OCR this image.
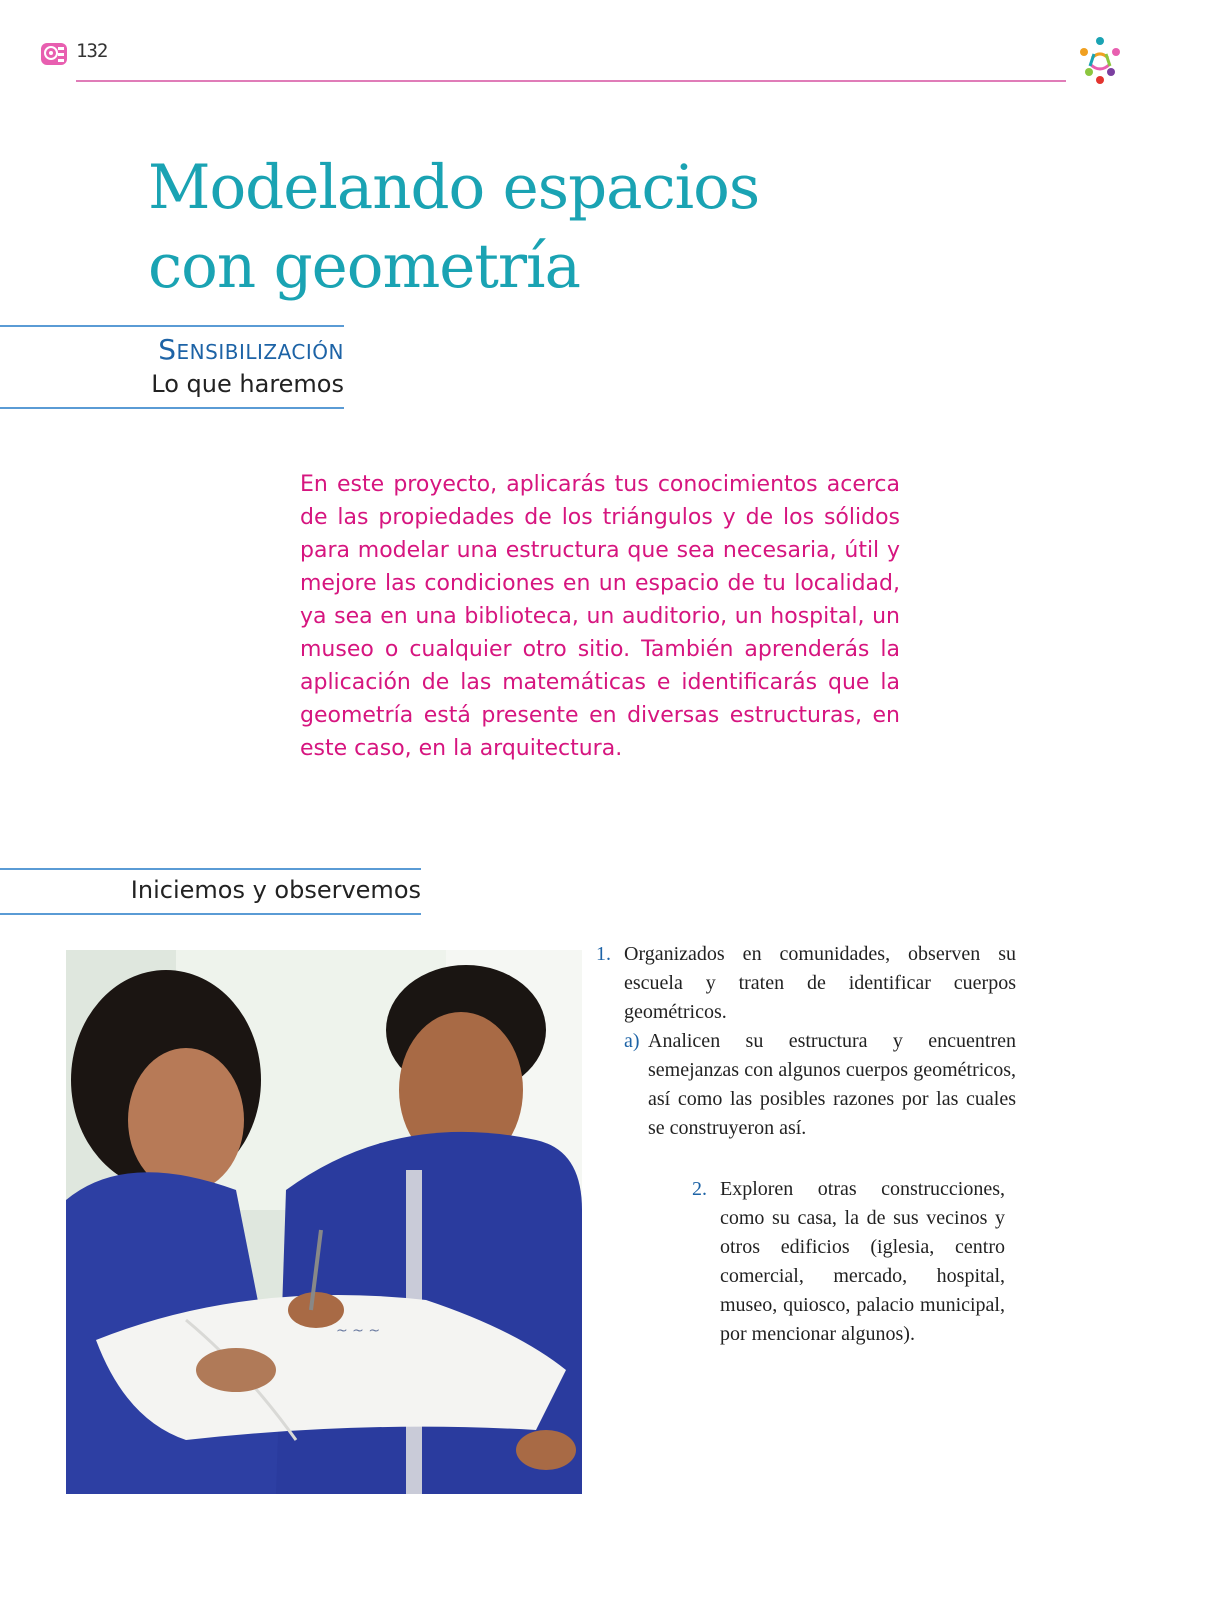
132
Modelando espacios
con geometría
Sensibilización
Lo que haremos
En este proyecto, aplicarás tus conocimientos acerca de las propiedades de los triángulos y de los sólidos para modelar una estructura que sea necesaria, útil y mejore las condiciones en un espacio de tu localidad, ya sea en una biblioteca, un auditorio, un hospital, un museo o cualquier otro sitio. También aprenderás la aplicación de las matemáticas e identificarás que la geometría está presente en diversas estructuras, en este caso, en la arquitectura.
Iniciemos y observemos
~ ~ ~
1. Organizados en comunidades, observen su escuela y traten de identificar cuerpos geométricos.
a) Analicen su estructura y encuentren semejanzas con algunos cuerpos geométricos, así como las posibles razones por las cuales se construyeron así.
2. Exploren otras construcciones, como su casa, la de sus vecinos y otros edificios (iglesia, centro comercial, mercado, hospital, museo, quiosco, palacio municipal, por mencionar algunos).
